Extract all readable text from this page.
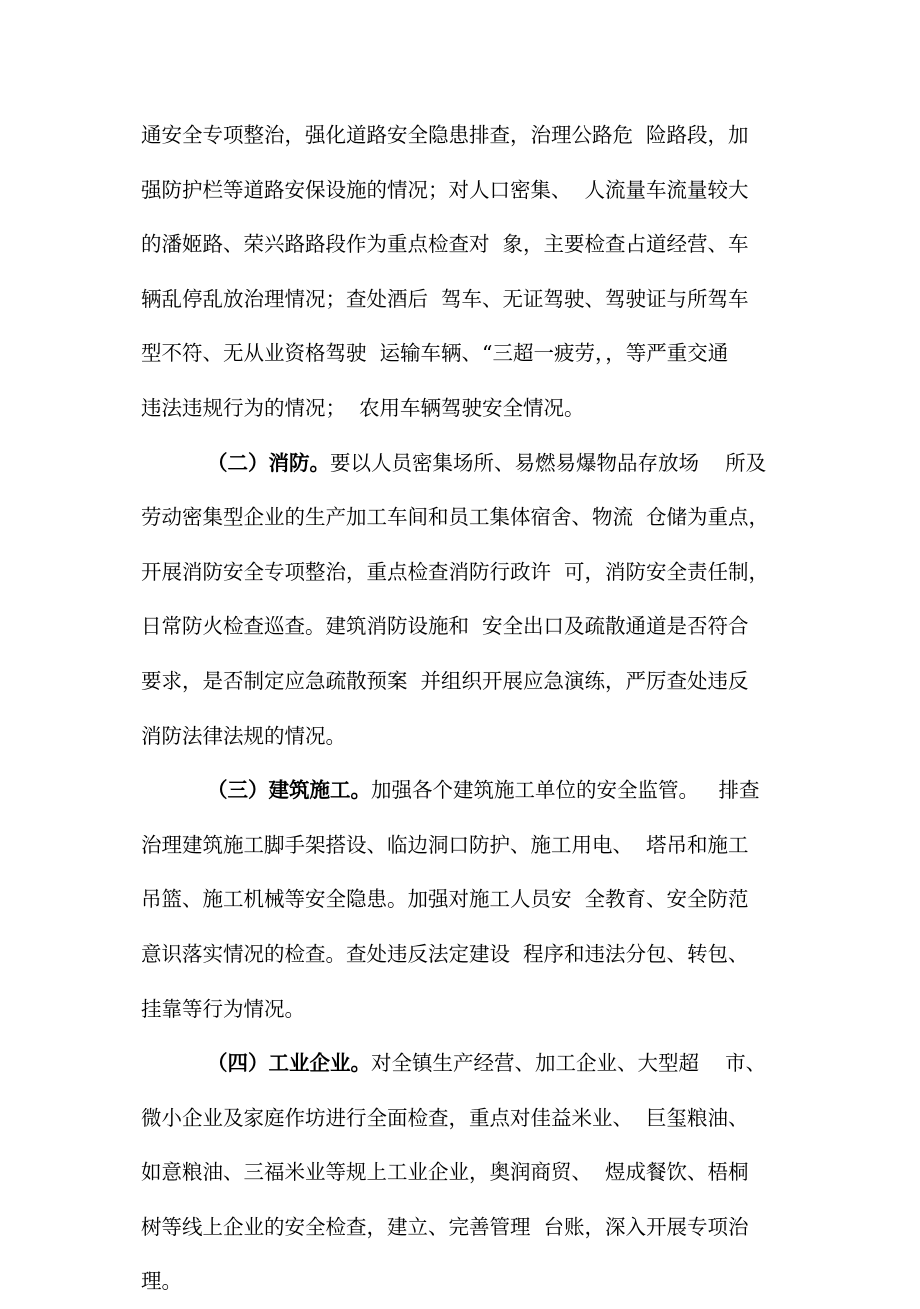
通安全专项整治，强化道路安全隐患排查，治理公路危  险路段，加
强防护栏等道路安保设施的情况；对人口密集、  人流量车流量较大
的潘姬路、荣兴路路段作为重点检查对  象，主要检查占道经营、车
辆乱停乱放治理情况；查处酒后  驾车、无证驾驶、驾驶证与所驾车
型不符、无从业资格驾驶  运输车辆、“三超一疲劳，，等严重交通
违法违规行为的情况；  农用车辆驾驶安全情况。
（二）消防。要以人员密集场所、易燃易爆物品存放场    所及
劳动密集型企业的生产加工车间和员工集体宿舍、物流  仓储为重点，
开展消防安全专项整治，重点检查消防行政许  可，消防安全责任制，
日常防火检查巡查。建筑消防设施和  安全出口及疏散通道是否符合
要求，是否制定应急疏散预案  并组织开展应急演练，严厉查处违反
消防法律法规的情况。
（三）建筑施工。加强各个建筑施工单位的安全监管。   排查
治理建筑施工脚手架搭设、临边洞口防护、施工用电、  塔吊和施工
吊篮、施工机械等安全隐患。加强对施工人员安  全教育、安全防范
意识落实情况的检查。查处违反法定建设  程序和违法分包、转包、
挂靠等行为情况。
（四）工业企业。对全镇生产经营、加工企业、大型超    市、
微小企业及家庭作坊进行全面检查，重点对佳益米业、  巨玺粮油、
如意粮油、三福米业等规上工业企业，奥润商贸、  煜成餐饮、梧桐
树等线上企业的安全检查，建立、完善管理  台账，深入开展专项治
理。
